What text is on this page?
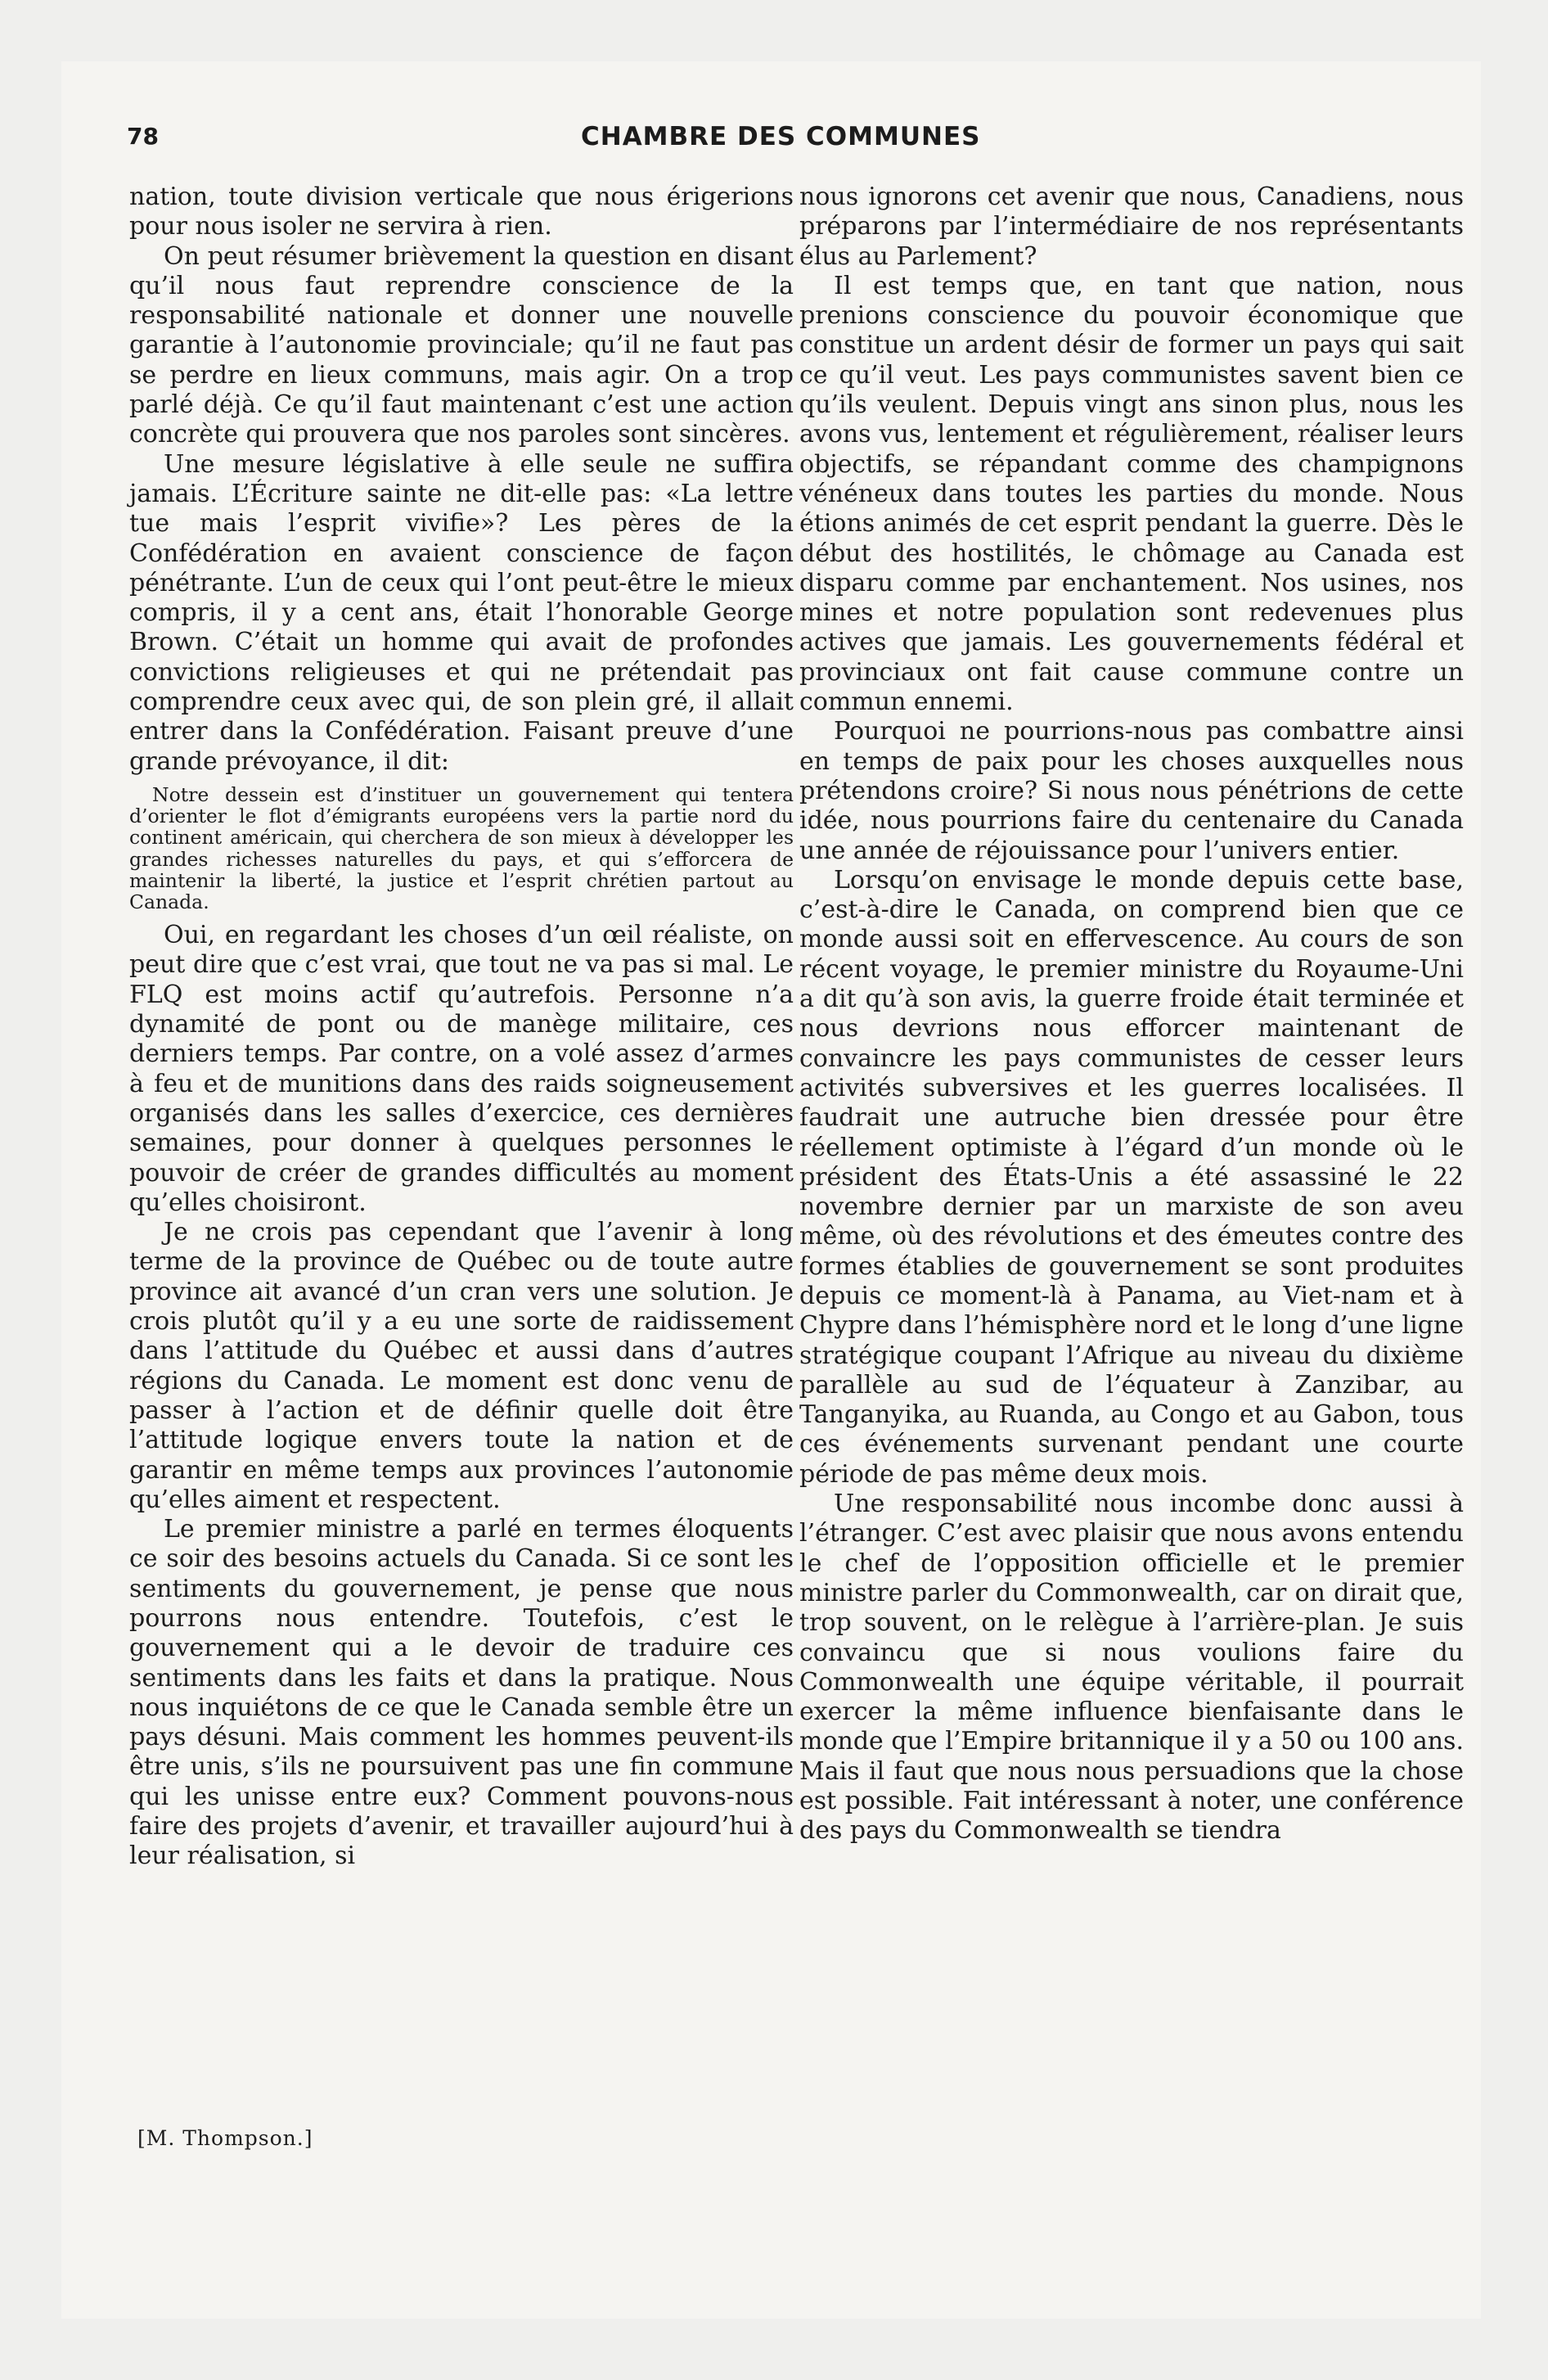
78	CHAMBRE DES COMMUNES

nation, toute division verticale que nous érigerions pour nous isoler ne servira à rien.

On peut résumer brièvement la question en disant qu’il nous faut reprendre conscience de la responsabilité nationale et donner une nouvelle garantie à l’autonomie provinciale; qu’il ne faut pas se perdre en lieux communs, mais agir. On a trop parlé déjà. Ce qu’il faut maintenant c’est une action concrète qui prouvera que nos paroles sont sincères.

Une mesure législative à elle seule ne suffira jamais. L’Écriture sainte ne dit-elle pas: «La lettre tue mais l’esprit vivifie»? Les pères de la Confédération en avaient conscience de façon pénétrante. L’un de ceux qui l’ont peut-être le mieux compris, il y a cent ans, était l’honorable George Brown. C’était un homme qui avait de profondes convictions religieuses et qui ne prétendait pas comprendre ceux avec qui, de son plein gré, il allait entrer dans la Confédération. Faisant preuve d’une grande prévoyance, il dit:

Notre dessein est d’instituer un gouvernement qui tentera d’orienter le flot d’émigrants européens vers la partie nord du continent américain, qui cherchera de son mieux à développer les grandes richesses naturelles du pays, et qui s’efforcera de maintenir la liberté, la justice et l’esprit chrétien partout au Canada.

Oui, en regardant les choses d’un œil réaliste, on peut dire que c’est vrai, que tout ne va pas si mal. Le FLQ est moins actif qu’autrefois. Personne n’a dynamité de pont ou de manège militaire, ces derniers temps. Par contre, on a volé assez d’armes à feu et de munitions dans des raids soigneusement organisés dans les salles d’exercice, ces dernières semaines, pour donner à quelques personnes le pouvoir de créer de grandes difficultés au moment qu’elles choisiront.

Je ne crois pas cependant que l’avenir à long terme de la province de Québec ou de toute autre province ait avancé d’un cran vers une solution. Je crois plutôt qu’il y a eu une sorte de raidissement dans l’attitude du Québec et aussi dans d’autres régions du Canada. Le moment est donc venu de passer à l’action et de définir quelle doit être l’attitude logique envers toute la nation et de garantir en même temps aux provinces l’autonomie qu’elles aiment et respectent.

Le premier ministre a parlé en termes éloquents ce soir des besoins actuels du Canada. Si ce sont les sentiments du gouvernement, je pense que nous pourrons nous entendre. Toutefois, c’est le gouvernement qui a le devoir de traduire ces sentiments dans les faits et dans la pratique. Nous nous inquiétons de ce que le Canada semble être un pays désuni. Mais comment les hommes peuvent-ils être unis, s’ils ne poursuivent pas une fin commune qui les unisse entre eux? Comment pouvons-nous faire des projets d’avenir, et travailler aujourd’hui à leur réalisation, si

[M. Thompson.]

nous ignorons cet avenir que nous, Canadiens, nous préparons par l’intermédiaire de nos représentants élus au Parlement?

Il est temps que, en tant que nation, nous prenions conscience du pouvoir économique que constitue un ardent désir de former un pays qui sait ce qu’il veut. Les pays communistes savent bien ce qu’ils veulent. Depuis vingt ans sinon plus, nous les avons vus, lentement et régulièrement, réaliser leurs objectifs, se répandant comme des champignons vénéneux dans toutes les parties du monde. Nous étions animés de cet esprit pendant la guerre. Dès le début des hostilités, le chômage au Canada est disparu comme par enchantement. Nos usines, nos mines et notre population sont redevenues plus actives que jamais. Les gouvernements fédéral et provinciaux ont fait cause commune contre un commun ennemi.

Pourquoi ne pourrions-nous pas combattre ainsi en temps de paix pour les choses auxquelles nous prétendons croire? Si nous nous pénétrions de cette idée, nous pourrions faire du centenaire du Canada une année de réjouissance pour l’univers entier.

Lorsqu’on envisage le monde depuis cette base, c’est-à-dire le Canada, on comprend bien que ce monde aussi soit en effervescence. Au cours de son récent voyage, le premier ministre du Royaume-Uni a dit qu’à son avis, la guerre froide était terminée et nous devrions nous efforcer maintenant de convaincre les pays communistes de cesser leurs activités subversives et les guerres localisées. Il faudrait une autruche bien dressée pour être réellement optimiste à l’égard d’un monde où le président des États-Unis a été assassiné le 22 novembre dernier par un marxiste de son aveu même, où des révolutions et des émeutes contre des formes établies de gouvernement se sont produites depuis ce moment-là à Panama, au Viet-nam et à Chypre dans l’hémisphère nord et le long d’une ligne stratégique coupant l’Afrique au niveau du dixième parallèle au sud de l’équateur à Zanzibar, au Tanganyika, au Ruanda, au Congo et au Gabon, tous ces événements survenant pendant une courte période de pas même deux mois.

Une responsabilité nous incombe donc aussi à l’étranger. C’est avec plaisir que nous avons entendu le chef de l’opposition officielle et le premier ministre parler du Commonwealth, car on dirait que, trop souvent, on le relègue à l’arrière-plan. Je suis convaincu que si nous voulions faire du Commonwealth une équipe véritable, il pourrait exercer la même influence bienfaisante dans le monde que l’Empire britannique il y a 50 ou 100 ans. Mais il faut que nous nous persuadions que la chose est possible. Fait intéressant à noter, une conférence des pays du Commonwealth se tiendra
